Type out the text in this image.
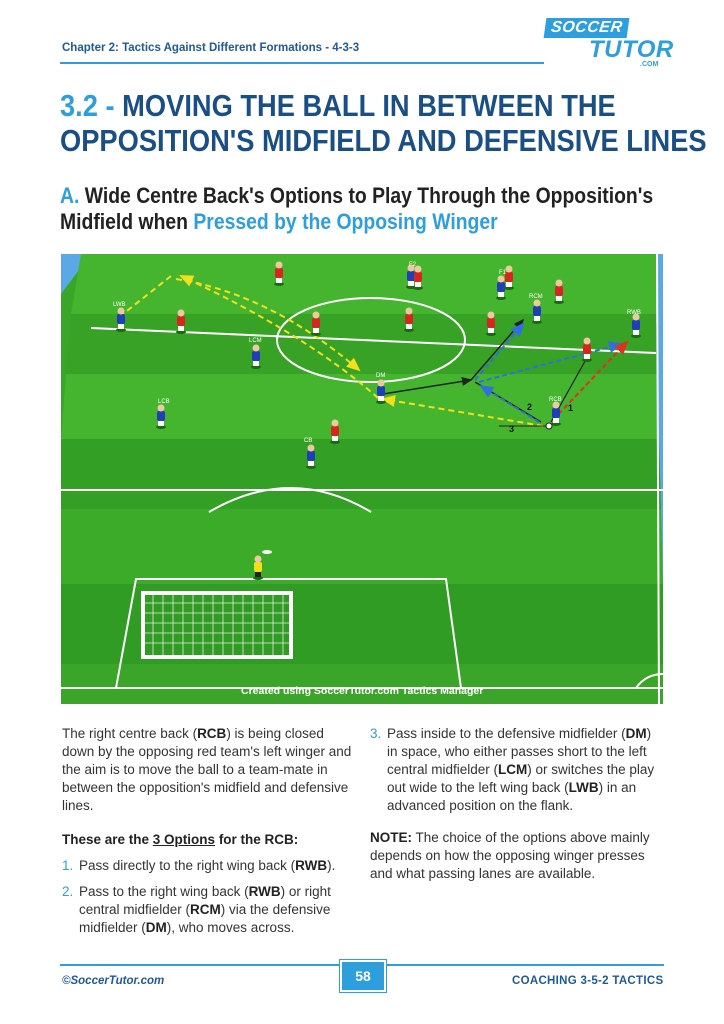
Chapter 2: Tactics Against Different Formations - 4-3-3
SOCCER
TUTOR
.COM
3.2 - MOVING THE BALL IN BETWEEN THE
OPPOSITION'S MIDFIELD AND DEFENSIVE LINES
A. Wide Centre Back's Options to Play Through the Opposition's
Midfield when Pressed by the Opposing Winger
LWB
LCM
LCB
CB
DM
RCM
RWB
RCB
F2
F1
1
2
3
Created using SoccerTutor.com Tactics Manager
The right centre back (RCB) is being closed down by the opposing red team's left winger and the aim is to move the ball to a team-mate in between the opposition's midfield and defensive lines.
These are the 3 Options for the RCB:
1. Pass directly to the right wing back (RWB).
2. Pass to the right wing back (RWB) or right central midfielder (RCM) via the defensive midfielder (DM), who moves across.
3. Pass inside to the defensive midfielder (DM) in space, who either passes short to the left central midfielder (LCM) or switches the play out wide to the left wing back (LWB) in an advanced position on the flank.
NOTE: The choice of the options above mainly depends on how the opposing winger presses and what passing lanes are available.
©SoccerTutor.com	58	COACHING 3-5-2 TACTICS
